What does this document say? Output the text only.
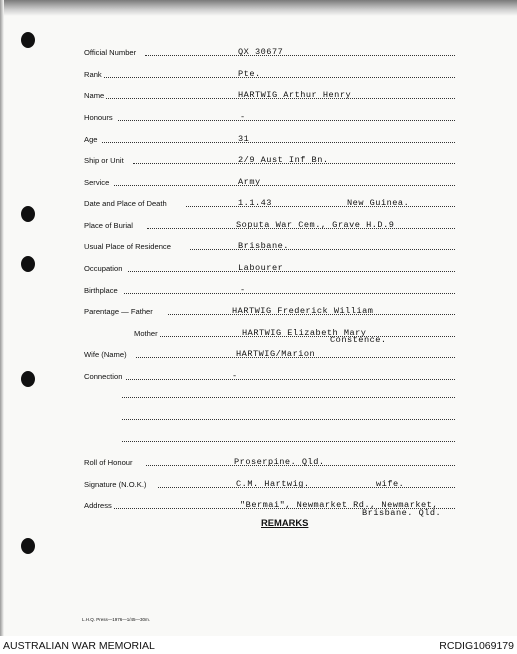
Official Number	QX 30677
Rank	Pte.
Name	HARTWIG Arthur Henry
Honours	-
Age	31
Ship or Unit	2/9 Aust Inf Bn.
Service	Army
Date and Place of Death	1.1.43	New Guinea.
Place of Burial	Soputa War Cem., Grave H.D.9
Usual Place of Residence	Brisbane.
Occupation	Labourer
Birthplace	-
Parentage — Father	HARTWIG Frederick William
Mother	HARTWIG Elizabeth Mary
Constence.
Wife (Name)	HARTWIG/Marion
Connection	-
Roll of Honour	Proserpine. Qld.
Signature (N.O.K.)	C.M. Hartwig.	wife.
Address	"Bermai", Newmarket Rd., Newmarket,
Brisbane. Qld.
REMARKS
L.H.Q. Press—1976—1/45—30m.
AUSTRALIAN WAR MEMORIAL	RCDIG1069179
